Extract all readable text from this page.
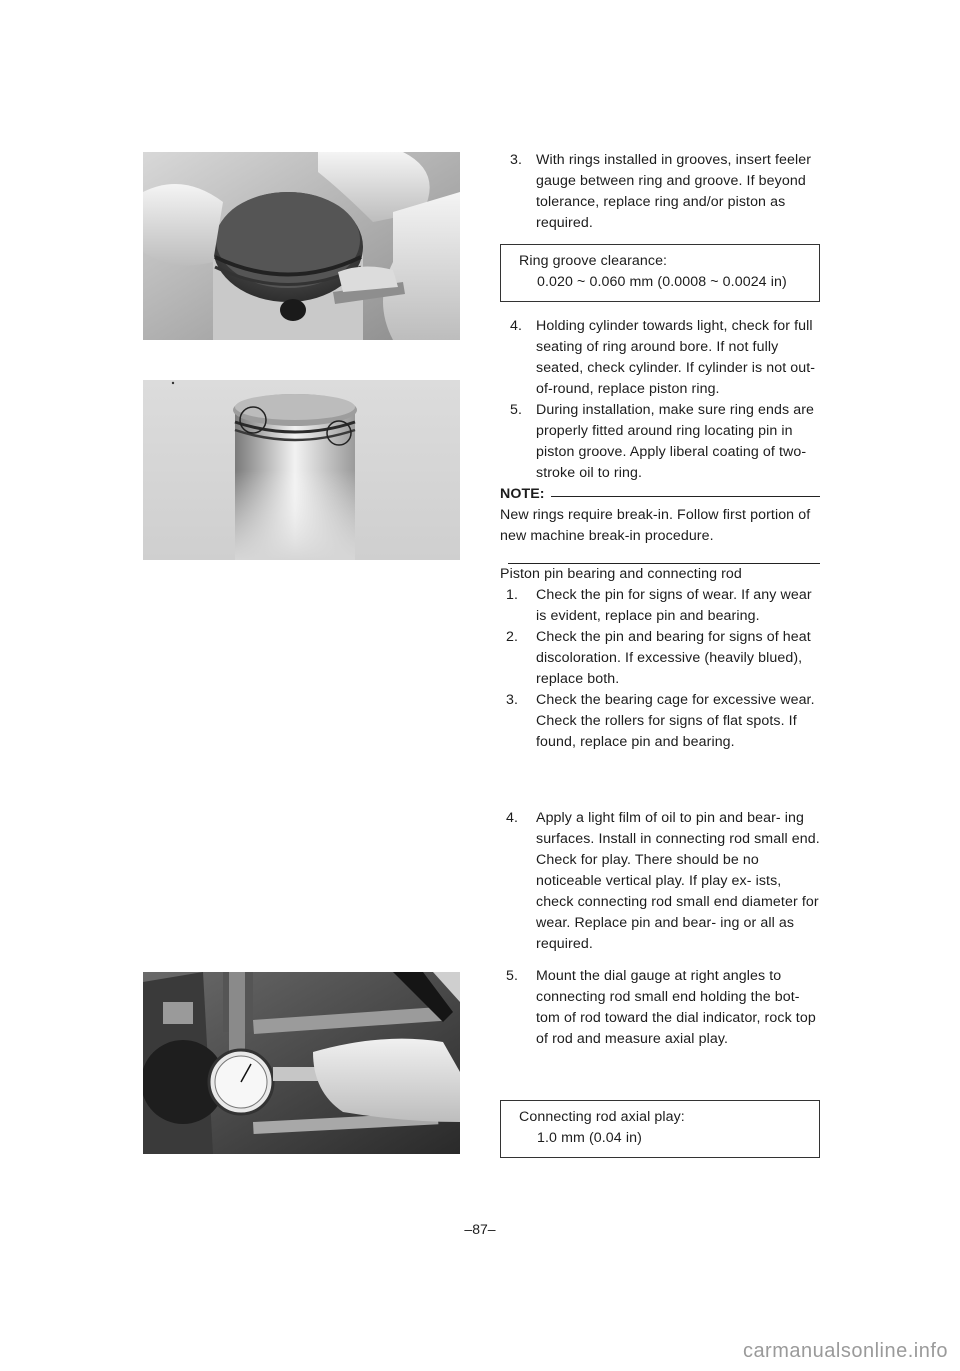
3. With rings installed in grooves, insert feeler gauge between ring and groove. If beyond tolerance, replace ring and/or piston as required.
Ring groove clearance:
0.020 ~ 0.060 mm (0.0008 ~ 0.0024 in)
4. Holding cylinder towards light, check for full seating of ring around bore. If not fully seated, check cylinder. If cylinder is not out-of-round, replace piston ring.
5. During installation, make sure ring ends are properly fitted around ring locating pin in piston groove. Apply liberal coating of two-stroke oil to ring.
NOTE:
New rings require break-in. Follow first portion of new machine break-in procedure.

Piston pin bearing and connecting rod

1. Check the pin for signs of wear. If any wear is evident, replace pin and bearing.
2. Check the pin and bearing for signs of heat discoloration. If excessive (heavily blued), replace both.
3. Check the bearing cage for excessive wear. Check the rollers for signs of flat spots. If found, replace pin and bearing.
4. Apply a light film of oil to pin and bear- ing surfaces. Install in connecting rod small end. Check for play. There should be no noticeable vertical play. If play ex- ists, check connecting rod small end diameter for wear. Replace pin and bear- ing or all as required.
5. Mount the dial gauge at right angles to connecting rod small end holding the bot- tom of rod toward the dial indicator, rock top of rod and measure axial play.
Connecting rod axial play:
1.0 mm (0.04 in)
–87–
carmanualsonline.info
